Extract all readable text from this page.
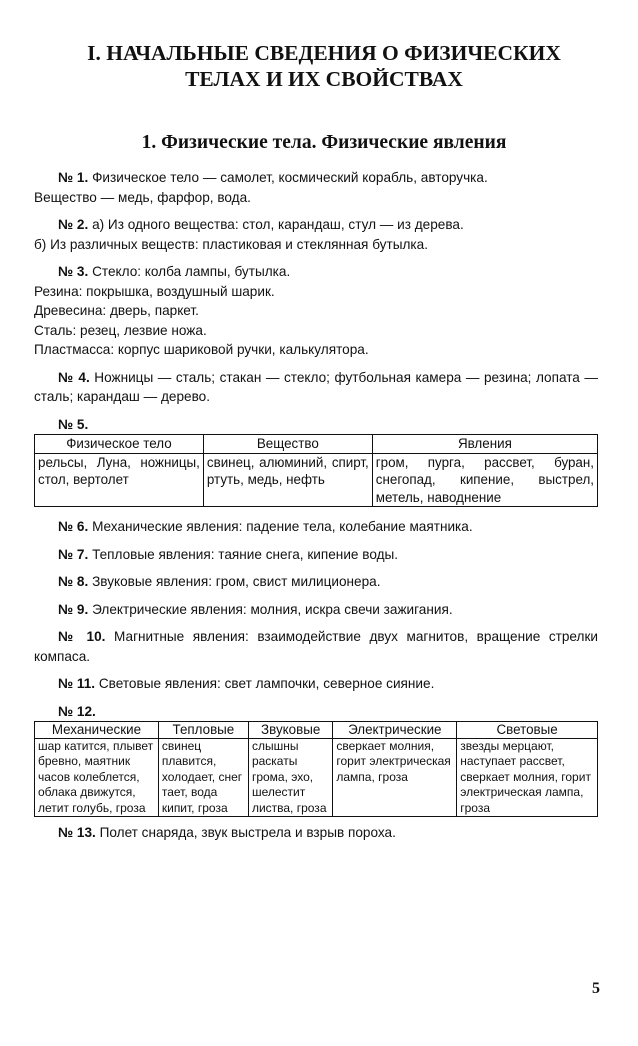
I. НАЧАЛЬНЫЕ СВЕДЕНИЯ О ФИЗИЧЕСКИХ
ТЕЛАХ И ИХ СВОЙСТВАХ
1. Физические тела. Физические явления

№ 1. Физическое тело — самолет, космический корабль, авторучка.

Вещество — медь, фарфор, вода.

№ 2. а) Из одного вещества: стол, карандаш, стул — из дерева.

б) Из различных веществ: пластиковая и стеклянная бутылка.

№ 3. Стекло: колба лампы, бутылка.

Резина: покрышка, воздушный шарик.

Древесина: дверь, паркет.

Сталь: резец, лезвие ножа.

Пластмасса: корпус шариковой ручки, калькулятора.

№ 4. Ножницы — сталь; стакан — стекло; футбольная камера — резина; лопата — сталь; карандаш — дерево.

№ 5.
Физическое тело	Вещество	Явления
рельсы, Луна, ножницы, стол, вертолет	свинец, алюминий, спирт, ртуть, медь, нефть	гром, пурга, рассвет, буран, снегопад, кипение, выстрел, метель, наводнение

№ 6. Механические явления: падение тела, колебание маятника.

№ 7. Тепловые явления: таяние снега, кипение воды.

№ 8. Звуковые явления: гром, свист милиционера.

№ 9. Электрические явления: молния, искра свечи зажигания.

№ 10. Магнитные явления: взаимодействие двух магнитов, вращение стрелки компаса.

№ 11. Световые явления: свет лампочки, северное сияние.

№ 12.
Механические	Тепловые	Звуковые	Электрические	Световые
шар катится, плывет бревно, маятник часов колеблется, облака движутся, летит голубь, гроза	свинец плавится, холодает, снег тает, вода кипит, гроза	слышны раскаты грома, эхо, шелестит листва, гроза	сверкает молния, горит электрическая лампа, гроза	звезды мерцают, наступает рассвет, сверкает молния, горит электрическая лампа, гроза

№ 13. Полет снаряда, звук выстрела и взрыв пороха.

5
